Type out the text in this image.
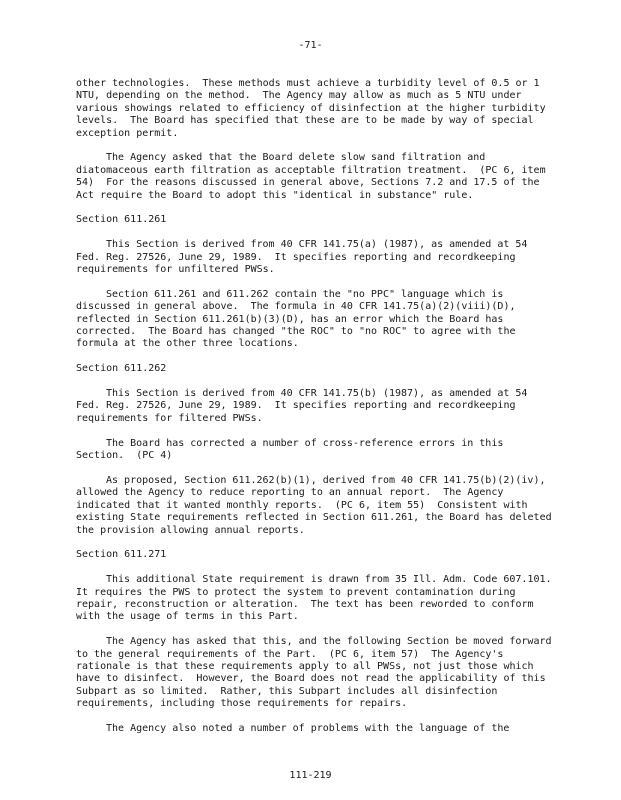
-71-

other technologies.  These methods must achieve a turbidity level of 0.5 or 1 NTU, depending on the method.  The Agency may allow as much as 5 NTU under various showings related to efficiency of disinfection at the higher turbidity levels.  The Board has specified that these are to be made by way of special exception permit.

The Agency asked that the Board delete slow sand filtration and diatomaceous earth filtration as acceptable filtration treatment.  (PC 6, item 54)  For the reasons discussed in general above, Sections 7.2 and 17.5 of the Act require the Board to adopt this "identical in substance" rule.

Section 611.261

This Section is derived from 40 CFR 141.75(a) (1987), as amended at 54 Fed. Reg. 27526, June 29, 1989.  It specifies reporting and recordkeeping requirements for unfiltered PWSs.

Section 611.261 and 611.262 contain the "no PPC" language which is discussed in general above.  The formula in 40 CFR 141.75(a)(2)(viii)(D), reflected in Section 611.261(b)(3)(D), has an error which the Board has corrected.  The Board has changed "the ROC" to "no ROC" to agree with the formula at the other three locations.

Section 611.262

This Section is derived from 40 CFR 141.75(b) (1987), as amended at 54 Fed. Reg. 27526, June 29, 1989.  It specifies reporting and recordkeeping requirements for filtered PWSs.

The Board has corrected a number of cross-reference errors in this Section.  (PC 4)

As proposed, Section 611.262(b)(1), derived from 40 CFR 141.75(b)(2)(iv), allowed the Agency to reduce reporting to an annual report.  The Agency indicated that it wanted monthly reports.  (PC 6, item 55)  Consistent with existing State requirements reflected in Section 611.261, the Board has deleted the provision allowing annual reports.

Section 611.271

This additional State requirement is drawn from 35 Ill. Adm. Code 607.101.  It requires the PWS to protect the system to prevent contamination during repair, reconstruction or alteration.  The text has been reworded to conform with the usage of terms in this Part.

The Agency has asked that this, and the following Section be moved forward to the general requirements of the Part.  (PC 6, item 57)  The Agency's rationale is that these requirements apply to all PWSs, not just those which have to disinfect.  However, the Board does not read the applicability of this Subpart as so limited.  Rather, this Subpart includes all disinfection requirements, including those requirements for repairs.

The Agency also noted a number of problems with the language of the

111-219
